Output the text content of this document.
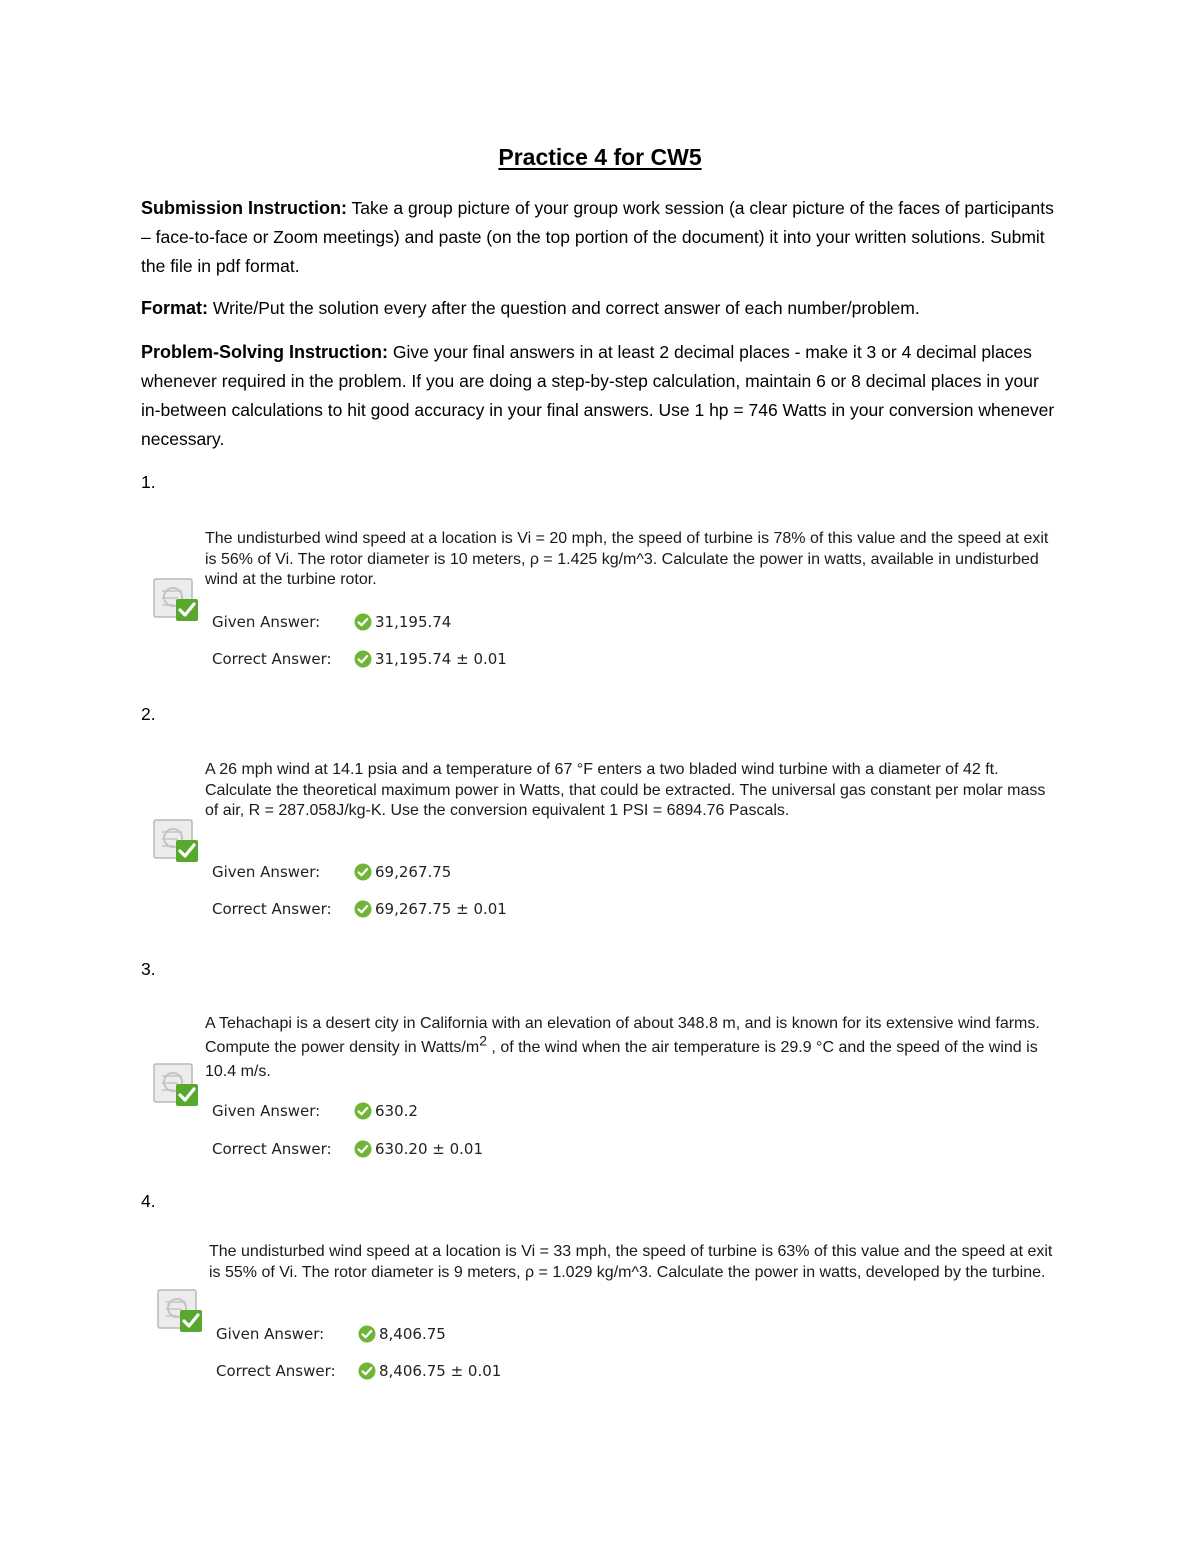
Practice 4 for CW5
Submission Instruction: Take a group picture of your group work session (a clear picture of the faces of participants – face-to-face or Zoom meetings) and paste (on the top portion of the document) it into your written solutions. Submit the file in pdf format.
Format: Write/Put the solution every after the question and correct answer of each number/problem.
Problem-Solving Instruction: Give your final answers in at least 2 decimal places - make it 3 or 4 decimal places whenever required in the problem. If you are doing a step-by-step calculation, maintain 6 or 8 decimal places in your in-between calculations to hit good accuracy in your final answers. Use 1 hp = 746 Watts in your conversion whenever necessary.
1.
The undisturbed wind speed at a location is Vi = 20 mph, the speed of turbine is 78% of this value and the speed at exit is 56% of Vi. The rotor diameter is 10 meters, ρ = 1.425 kg/m^3. Calculate the power in watts, available in undisturbed wind at the turbine rotor.
Given Answer:	31,195.74
Correct Answer:	31,195.74 ± 0.01
2.
A 26 mph wind at 14.1 psia and a temperature of 67 °F enters a two bladed wind turbine with a diameter of 42 ft. Calculate the theoretical maximum power in Watts, that could be extracted. The universal gas constant per molar mass of air, R = 287.058J/kg-K. Use the conversion equivalent 1 PSI = 6894.76 Pascals.
Given Answer:	69,267.75
Correct Answer:	69,267.75 ± 0.01
3.
A Tehachapi is a desert city in California with an elevation of about 348.8 m, and is known for its extensive wind farms. Compute the power density in Watts/$m^2$ , of the wind when the air temperature is 29.9 °C and the speed of the wind is 10.4 m/s.
Given Answer:	630.2
Correct Answer:	630.20 ± 0.01
4.
The undisturbed wind speed at a location is Vi = 33 mph, the speed of turbine is 63% of this value and the speed at exit is 55% of Vi. The rotor diameter is 9 meters, ρ = 1.029 kg/m^3. Calculate the power in watts, developed by the turbine.
Given Answer:	8,406.75
Correct Answer:	8,406.75 ± 0.01
